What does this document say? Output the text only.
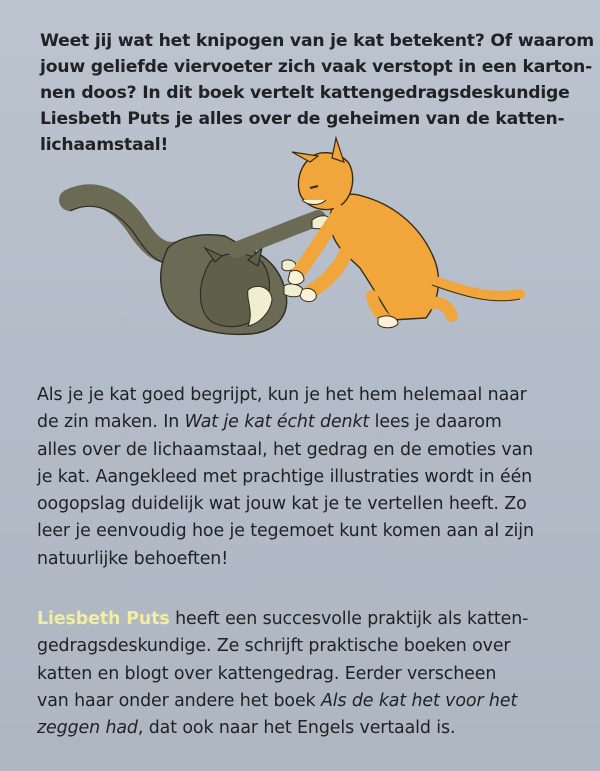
Weet jij wat het knipogen van je kat betekent? Of waarom
jouw geliefde viervoeter zich vaak verstopt in een karton-
nen doos? In dit boek vertelt kattengedragsdeskundige
Liesbeth Puts je alles over de geheimen van de katten-
lichaamstaal!
Als je je kat goed begrijpt, kun je het hem helemaal naar
de zin maken. In Wat je kat écht denkt lees je daarom
alles over de lichaamstaal, het gedrag en de emoties van
je kat. Aangekleed met prachtige illustraties wordt in één
oogopslag duidelijk wat jouw kat je te vertellen heeft. Zo
leer je eenvoudig hoe je tegemoet kunt komen aan al zijn
natuurlijke behoeften!
Liesbeth Puts heeft een succesvolle praktijk als katten-
gedragsdeskundige. Ze schrijft praktische boeken over
katten en blogt over kattengedrag. Eerder verscheen
van haar onder andere het boek Als de kat het voor het
zeggen had, dat ook naar het Engels vertaald is.
